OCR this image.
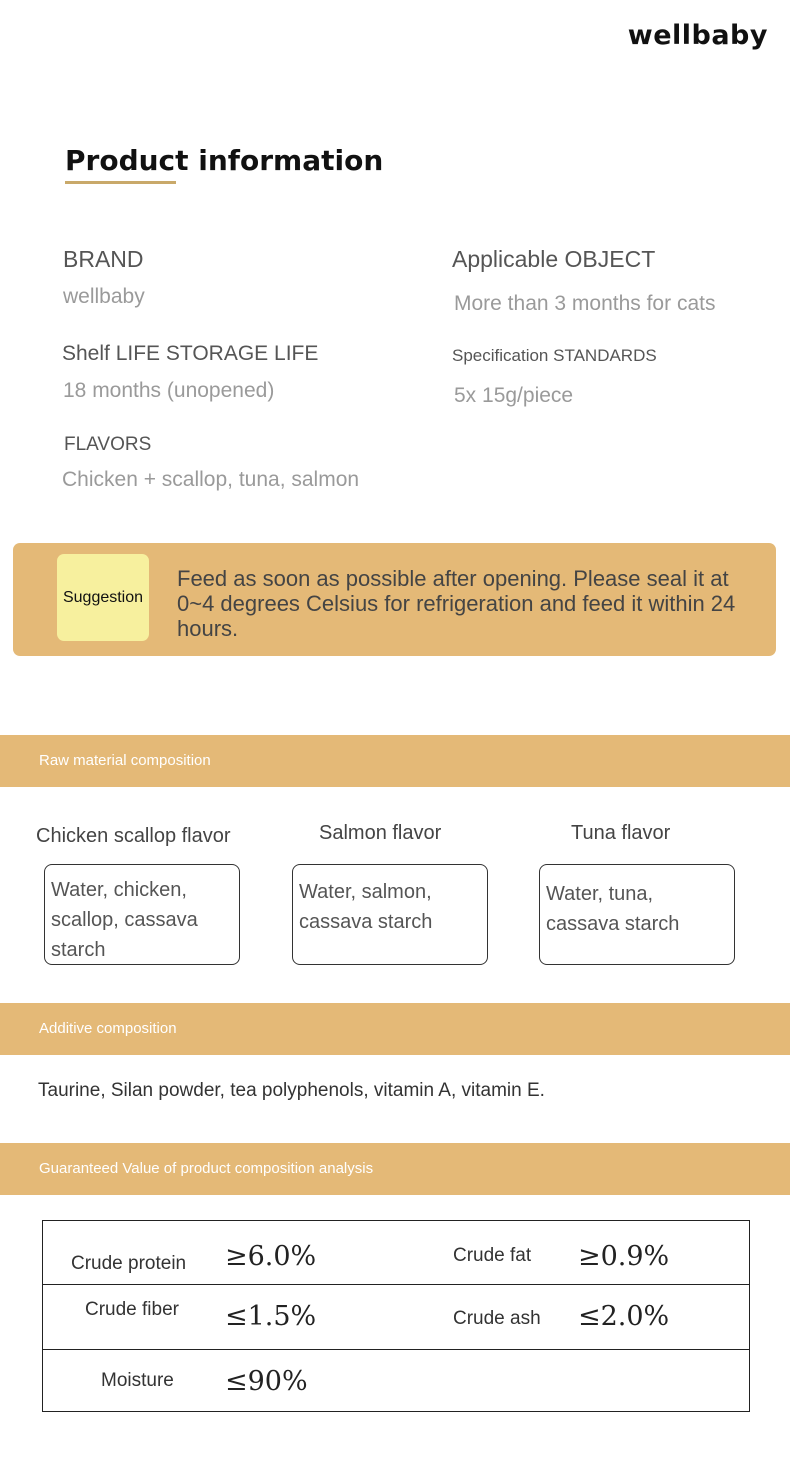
wellbaby
Product information
BRAND
wellbaby
Applicable OBJECT
More than 3 months for cats
Shelf LIFE STORAGE LIFE
18 months (unopened)
Specification STANDARDS
5x 15g/piece
FLAVORS
Chicken + scallop, tuna, salmon
Suggestion
Feed as soon as possible after opening. Please seal it at 0~4 degrees Celsius for refrigeration and feed it within 24 hours.
Raw material composition
Chicken scallop flavor	Salmon flavor	Tuna flavor
Water, chicken, scallop, cassava starch
Water, salmon, cassava starch
Water, tuna, cassava starch
Additive composition
Taurine, Silan powder, tea polyphenols, vitamin A, vitamin E.
Guaranteed Value of product composition analysis
Crude protein ≥6.0%	Crude fat ≥0.9%
Crude fiber ≤1.5%	Crude ash ≤2.0%
Moisture ≤90%
